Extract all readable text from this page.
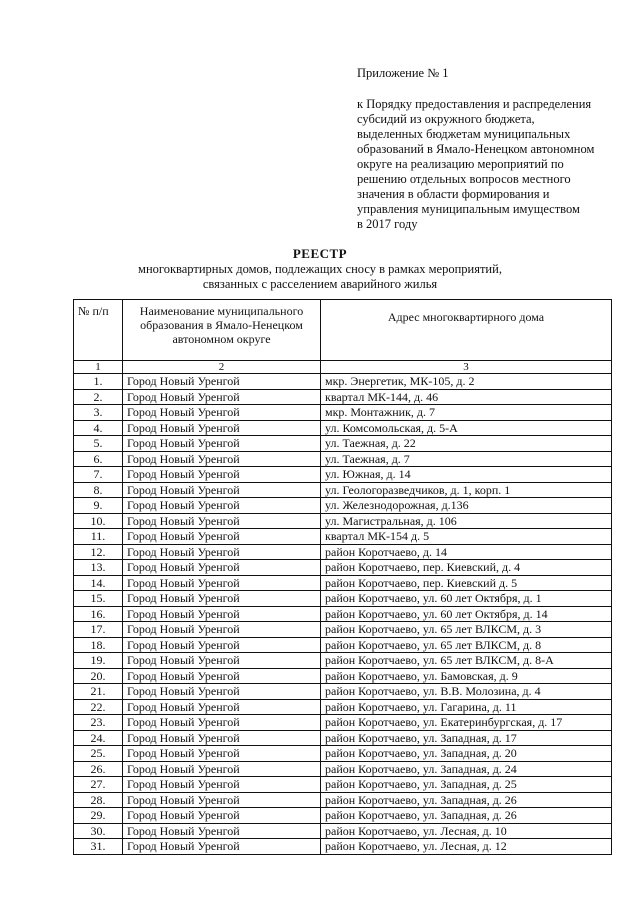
Приложение № 1
к Порядку предоставления и распределения
субсидий из окружного бюджета,
выделенных бюджетам муниципальных
образований в Ямало-Ненецком автономном
округе на реализацию мероприятий по
решению отдельных вопросов местного
значения в области формирования и
управления муниципальным имуществом
в 2017 году
РЕЕСТР
многоквартирных домов, подлежащих сносу в рамках мероприятий,
связанных с расселением аварийного жилья
№ п/п	Наименование муниципального образования в Ямало-Ненецком автономном округе	Адрес многоквартирного дома
1	2	3
1.	Город Новый Уренгой	мкр. Энергетик, МК-105, д. 2
2.	Город Новый Уренгой	квартал МК-144, д. 46
3.	Город Новый Уренгой	мкр. Монтажник, д. 7
4.	Город Новый Уренгой	ул. Комсомольская, д. 5-А
5.	Город Новый Уренгой	ул. Таежная, д. 22
6.	Город Новый Уренгой	ул. Таежная, д. 7
7.	Город Новый Уренгой	ул. Южная, д. 14
8.	Город Новый Уренгой	ул. Геологоразведчиков, д. 1, корп. 1
9.	Город Новый Уренгой	ул. Железнодорожная, д.136
10.	Город Новый Уренгой	ул. Магистральная, д. 106
11.	Город Новый Уренгой	квартал МК-154 д. 5
12.	Город Новый Уренгой	район Коротчаево, д. 14
13.	Город Новый Уренгой	район Коротчаево, пер. Киевский, д. 4
14.	Город Новый Уренгой	район Коротчаево, пер. Киевский д. 5
15.	Город Новый Уренгой	район Коротчаево, ул. 60 лет Октября, д. 1
16.	Город Новый Уренгой	район Коротчаево, ул. 60 лет Октября, д. 14
17.	Город Новый Уренгой	район Коротчаево, ул. 65 лет ВЛКСМ, д. 3
18.	Город Новый Уренгой	район Коротчаево, ул. 65 лет ВЛКСМ, д. 8
19.	Город Новый Уренгой	район Коротчаево, ул. 65 лет ВЛКСМ, д. 8-А
20.	Город Новый Уренгой	район Коротчаево, ул. Бамовская, д. 9
21.	Город Новый Уренгой	район Коротчаево, ул. В.В. Молозина, д. 4
22.	Город Новый Уренгой	район Коротчаево, ул. Гагарина, д. 11
23.	Город Новый Уренгой	район Коротчаево, ул. Екатеринбургская, д. 17
24.	Город Новый Уренгой	район Коротчаево, ул. Западная, д. 17
25.	Город Новый Уренгой	район Коротчаево, ул. Западная, д. 20
26.	Город Новый Уренгой	район Коротчаево, ул. Западная, д. 24
27.	Город Новый Уренгой	район Коротчаево, ул. Западная, д. 25
28.	Город Новый Уренгой	район Коротчаево, ул. Западная, д. 26
29.	Город Новый Уренгой	район Коротчаево, ул. Западная, д. 26
30.	Город Новый Уренгой	район Коротчаево, ул. Лесная, д. 10
31.	Город Новый Уренгой	район Коротчаево, ул. Лесная, д. 12
